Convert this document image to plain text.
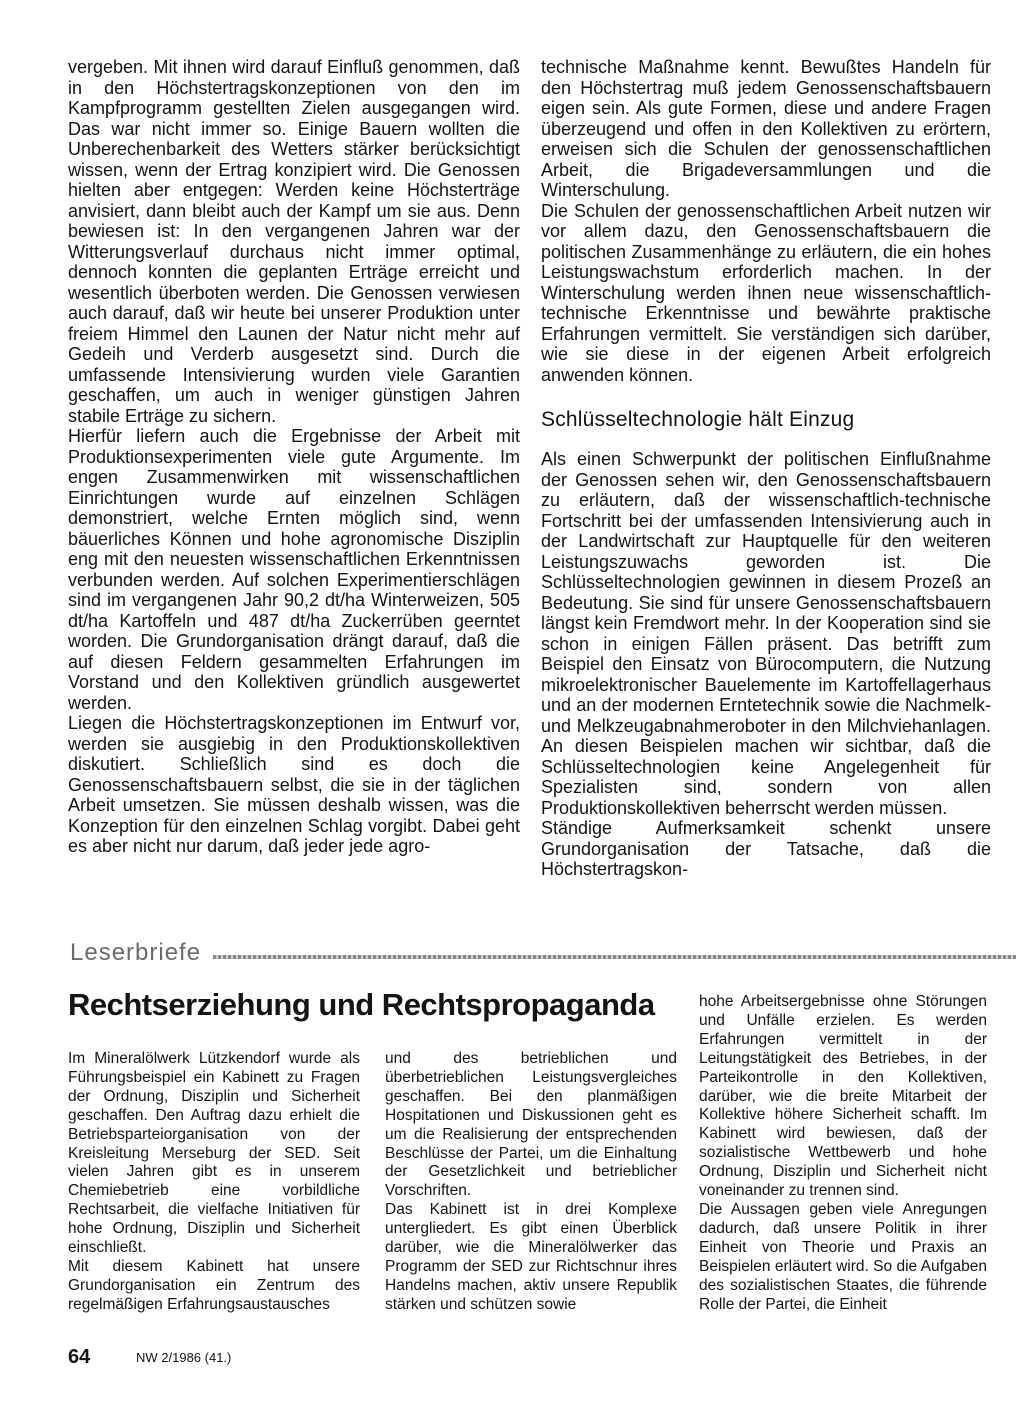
vergeben. Mit ihnen wird darauf Einfluß genommen, daß in den Höchstertragskonzeptionen von den im Kampfprogramm gestellten Zielen ausgegangen wird. Das war nicht immer so. Einige Bauern wollten die Unberechenbarkeit des Wetters stärker berücksichtigt wissen, wenn der Ertrag konzipiert wird. Die Genossen hielten aber entgegen: Werden keine Höchsterträge anvisiert, dann bleibt auch der Kampf um sie aus. Denn bewiesen ist: In den vergangenen Jahren war der Witterungsverlauf durchaus nicht immer optimal, dennoch konnten die geplanten Erträge erreicht und wesentlich überboten werden. Die Genossen verwiesen auch darauf, daß wir heute bei unserer Produktion unter freiem Himmel den Launen der Natur nicht mehr auf Gedeih und Verderb ausgesetzt sind. Durch die umfassende Intensivierung wurden viele Garantien geschaffen, um auch in weniger günstigen Jahren stabile Erträge zu sichern.

Hierfür liefern auch die Ergebnisse der Arbeit mit Produktionsexperimenten viele gute Argumente. Im engen Zusammenwirken mit wissenschaftlichen Einrichtungen wurde auf einzelnen Schlägen demonstriert, welche Ernten möglich sind, wenn bäuerliches Können und hohe agronomische Disziplin eng mit den neuesten wissenschaftlichen Erkenntnissen verbunden werden. Auf solchen Experimentierschlägen sind im vergangenen Jahr 90,2 dt/ha Winterweizen, 505 dt/ha Kartoffeln und 487 dt/ha Zuckerrüben geerntet worden. Die Grundorganisation drängt darauf, daß die auf diesen Feldern gesammelten Erfahrungen im Vorstand und den Kollektiven gründlich ausgewertet werden.

Liegen die Höchstertragskonzeptionen im Entwurf vor, werden sie ausgiebig in den Produktionskollektiven diskutiert. Schließlich sind es doch die Genossenschaftsbauern selbst, die sie in der täglichen Arbeit umsetzen. Sie müssen deshalb wissen, was die Konzeption für den einzelnen Schlag vorgibt. Dabei geht es aber nicht nur darum, daß jeder jede agro-

technische Maßnahme kennt. Bewußtes Handeln für den Höchstertrag muß jedem Genossenschaftsbauern eigen sein. Als gute Formen, diese und andere Fragen überzeugend und offen in den Kollektiven zu erörtern, erweisen sich die Schulen der genossenschaftlichen Arbeit, die Brigadeversammlungen und die Winterschulung.

Die Schulen der genossenschaftlichen Arbeit nutzen wir vor allem dazu, den Genossenschaftsbauern die politischen Zusammenhänge zu erläutern, die ein hohes Leistungswachstum erforderlich machen. In der Winterschulung werden ihnen neue wissenschaftlich-technische Erkenntnisse und bewährte praktische Erfahrungen vermittelt. Sie verständigen sich darüber, wie sie diese in der eigenen Arbeit erfolgreich anwenden können.

Schlüsseltechnologie hält Einzug

Als einen Schwerpunkt der politischen Einflußnahme der Genossen sehen wir, den Genossenschaftsbauern zu erläutern, daß der wissenschaftlich-technische Fortschritt bei der umfassenden Intensivierung auch in der Landwirtschaft zur Hauptquelle für den weiteren Leistungszuwachs geworden ist. Die Schlüsseltechnologien gewinnen in diesem Prozeß an Bedeutung. Sie sind für unsere Genossenschaftsbauern längst kein Fremdwort mehr. In der Kooperation sind sie schon in einigen Fällen präsent. Das betrifft zum Beispiel den Einsatz von Bürocomputern, die Nutzung mikroelektronischer Bauelemente im Kartoffellagerhaus und an der modernen Erntetechnik sowie die Nachmelk- und Melkzeugabnahmeroboter in den Milchviehanlagen. An diesen Beispielen machen wir sichtbar, daß die Schlüsseltechnologien keine Angelegenheit für Spezialisten sind, sondern von allen Produktionskollektiven beherrscht werden müssen.

Ständige Aufmerksamkeit schenkt unsere Grundorganisation der Tatsache, daß die Höchstertragskon-

Leserbriefe
Rechtserziehung und Rechtspropaganda

Im Mineralölwerk Lützkendorf wurde als Führungsbeispiel ein Kabinett zu Fragen der Ordnung, Disziplin und Sicherheit geschaffen. Den Auftrag dazu erhielt die Betriebsparteiorganisation von der Kreisleitung Merseburg der SED. Seit vielen Jahren gibt es in unserem Chemiebetrieb eine vorbildliche Rechtsarbeit, die vielfache Initiativen für hohe Ordnung, Disziplin und Sicherheit einschließt.

Mit diesem Kabinett hat unsere Grundorganisation ein Zentrum des regelmäßigen Erfahrungsaustausches

und des betrieblichen und überbetrieblichen Leistungsvergleiches geschaffen. Bei den planmäßigen Hospitationen und Diskussionen geht es um die Realisierung der entsprechenden Beschlüsse der Partei, um die Einhaltung der Gesetzlichkeit und betrieblicher Vorschriften.

Das Kabinett ist in drei Komplexe untergliedert. Es gibt einen Überblick darüber, wie die Mineralölwerker das Programm der SED zur Richtschnur ihres Handelns machen, aktiv unsere Republik stärken und schützen sowie

hohe Arbeitsergebnisse ohne Störungen und Unfälle erzielen. Es werden Erfahrungen vermittelt in der Leitungstätigkeit des Betriebes, in der Parteikontrolle in den Kollektiven, darüber, wie die breite Mitarbeit der Kollektive höhere Sicherheit schafft. Im Kabinett wird bewiesen, daß der sozialistische Wettbewerb und hohe Ordnung, Disziplin und Sicherheit nicht voneinander zu trennen sind.

Die Aussagen geben viele Anregungen dadurch, daß unsere Politik in ihrer Einheit von Theorie und Praxis an Beispielen erläutert wird. So die Aufgaben des sozialistischen Staates, die führende Rolle der Partei, die Einheit

64	NW 2/1986 (41.)
